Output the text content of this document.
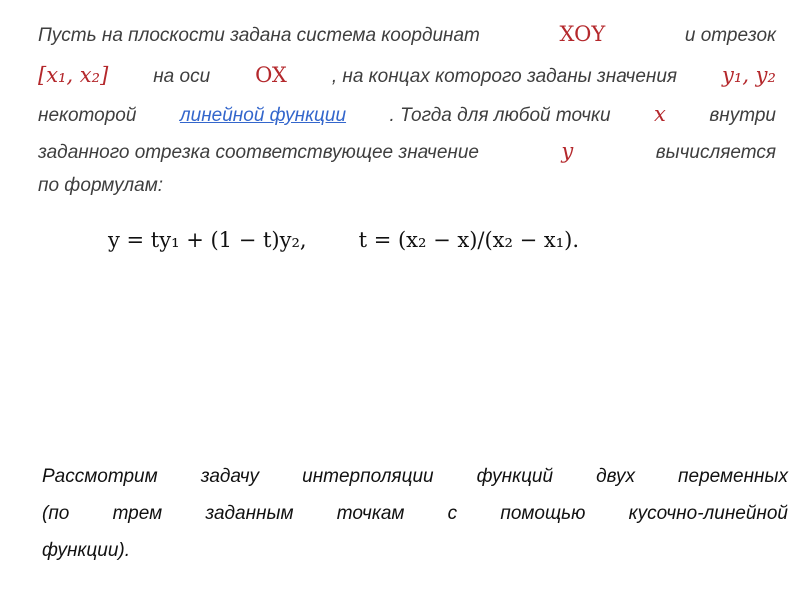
Пусть на плоскости задана система координат	XOY	и отрезок
[x₁, x₂] на оси OX , на концах которого заданы значения y₁, y₂
некоторой линейной функции . Тогда для любой точки x внутри
заданного отрезка соответствующее значение	y	вычисляется
по формулам:
y = ty₁ + (1 − t)y₂, t = (x₂ − x)/(x₂ − x₁).
Рассмотрим задачу интерполяции функций двух переменных
(по трем заданным точкам с помощью кусочно-линейной
функции).
